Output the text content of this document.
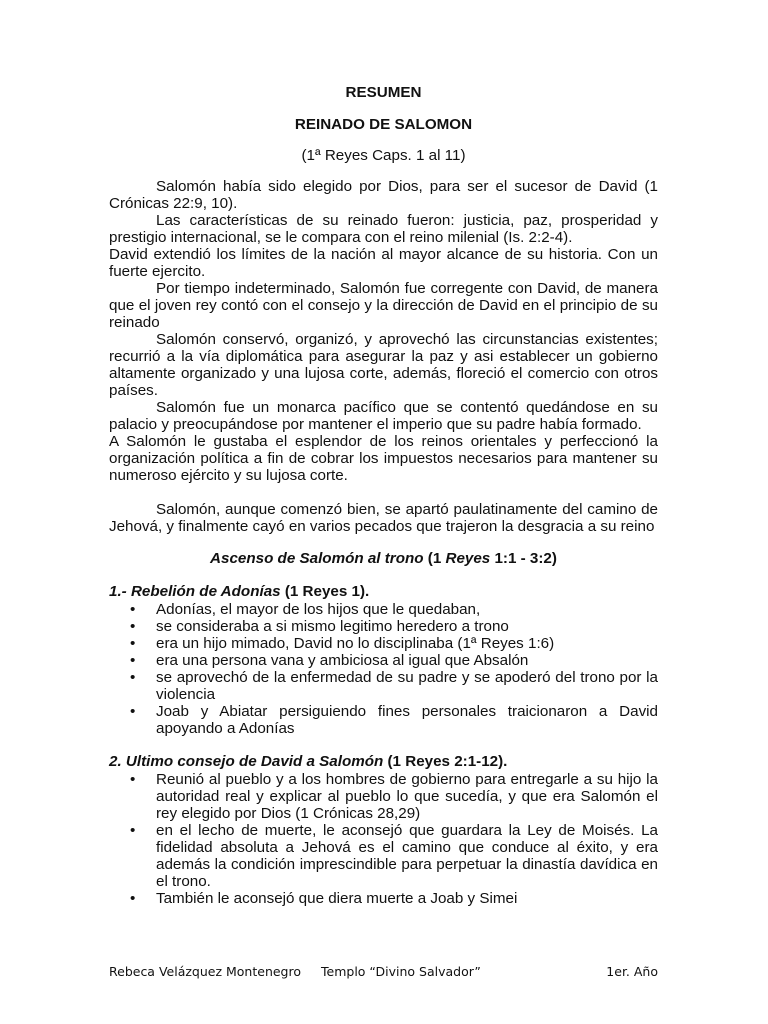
RESUMEN
REINADO DE SALOMON
(1ª Reyes Caps. 1 al 11)

Salomón había sido elegido por Dios, para ser el sucesor de David (1 Crónicas 22:9, 10).

Las características de su reinado fueron: justicia, paz, prosperidad y prestigio internacional, se le compara con el reino milenial (Is. 2:2-4).

David extendió los límites de la nación al mayor alcance de su historia. Con un fuerte ejercito.

Por tiempo indeterminado, Salomón fue corregente con David, de manera que el joven rey contó con el consejo y la dirección de David en el principio de su reinado

Salomón conservó, organizó, y aprovechó las circunstancias existentes; recurrió a la vía diplomática para asegurar la paz y asi establecer un gobierno altamente organizado y una lujosa corte, además, floreció el comercio con otros países.

Salomón fue un monarca pacífico que se contentó quedándose en su palacio y preocupándose por mantener el imperio que su padre había formado.

A Salomón le gustaba el esplendor de los reinos orientales y perfeccionó la organización política a fin de cobrar los impuestos necesarios para mantener su numeroso ejército y su lujosa corte.

Salomón, aunque comenzó bien, se apartó paulatinamente del camino de Jehová, y finalmente cayó en varios pecados que trajeron la desgracia a su reino

Ascenso de Salomón al trono (1 Reyes 1:1 - 3:2)
1.- Rebelión de Adonías (1 Reyes 1).
• Adonías, el mayor de los hijos que le quedaban,
• se consideraba a si mismo legitimo heredero a trono
• era un hijo mimado, David no lo disciplinaba (1ª Reyes 1:6)
• era una persona vana y ambiciosa al igual que Absalón
• se aprovechó de la enfermedad de su padre y se apoderó del trono por la violencia
• Joab y Abiatar persiguiendo fines personales traicionaron a David apoyando a Adonías
2. Ultimo consejo de David a Salomón (1 Reyes 2:1-12).
• Reunió al pueblo y a los hombres de gobierno para entregarle a su hijo la autoridad real y explicar al pueblo lo que sucedía, y que era Salomón el rey elegido por Dios (1 Crónicas 28,29)
• en el lecho de muerte, le aconsejó que guardara la Ley de Moisés. La fidelidad absoluta a Jehová es el camino que conduce al éxito, y era además la condición imprescindible para perpetuar la dinastía davídica en el trono.
• También le aconsejó que diera muerte a Joab y Simei
Rebeca Velázquez Montenegro Templo “Divino Salvador”	1er. Año
